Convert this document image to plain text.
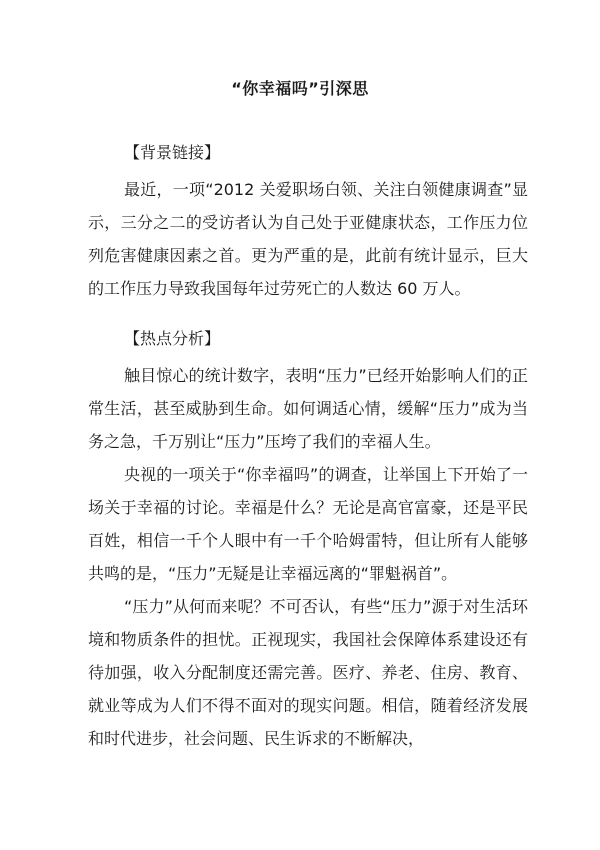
“你幸福吗”引深思
【背景链接】

最近，一项“2012 关爱职场白领、关注白领健康调查”显示，三分之二的受访者认为自己处于亚健康状态，工作压力位列危害健康因素之首。更为严重的是，此前有统计显示，巨大的工作压力导致我国每年过劳死亡的人数达 60 万人。

【热点分析】

触目惊心的统计数字，表明“压力”已经开始影响人们的正常生活，甚至威胁到生命。如何调适心情，缓解“压力”成为当务之急，千万别让“压力”压垮了我们的幸福人生。

央视的一项关于“你幸福吗”的调查，让举国上下开始了一场关于幸福的讨论。幸福是什么？无论是高官富豪，还是平民百姓，相信一千个人眼中有一千个哈姆雷特，但让所有人能够共鸣的是，“压力”无疑是让幸福远离的“罪魁祸首”。

“压力”从何而来呢？不可否认，有些“压力”源于对生活环境和物质条件的担忧。正视现实，我国社会保障体系建设还有待加强，收入分配制度还需完善。医疗、养老、住房、教育、就业等成为人们不得不面对的现实问题。相信，随着经济发展和时代进步，社会问题、民生诉求的不断解决，
